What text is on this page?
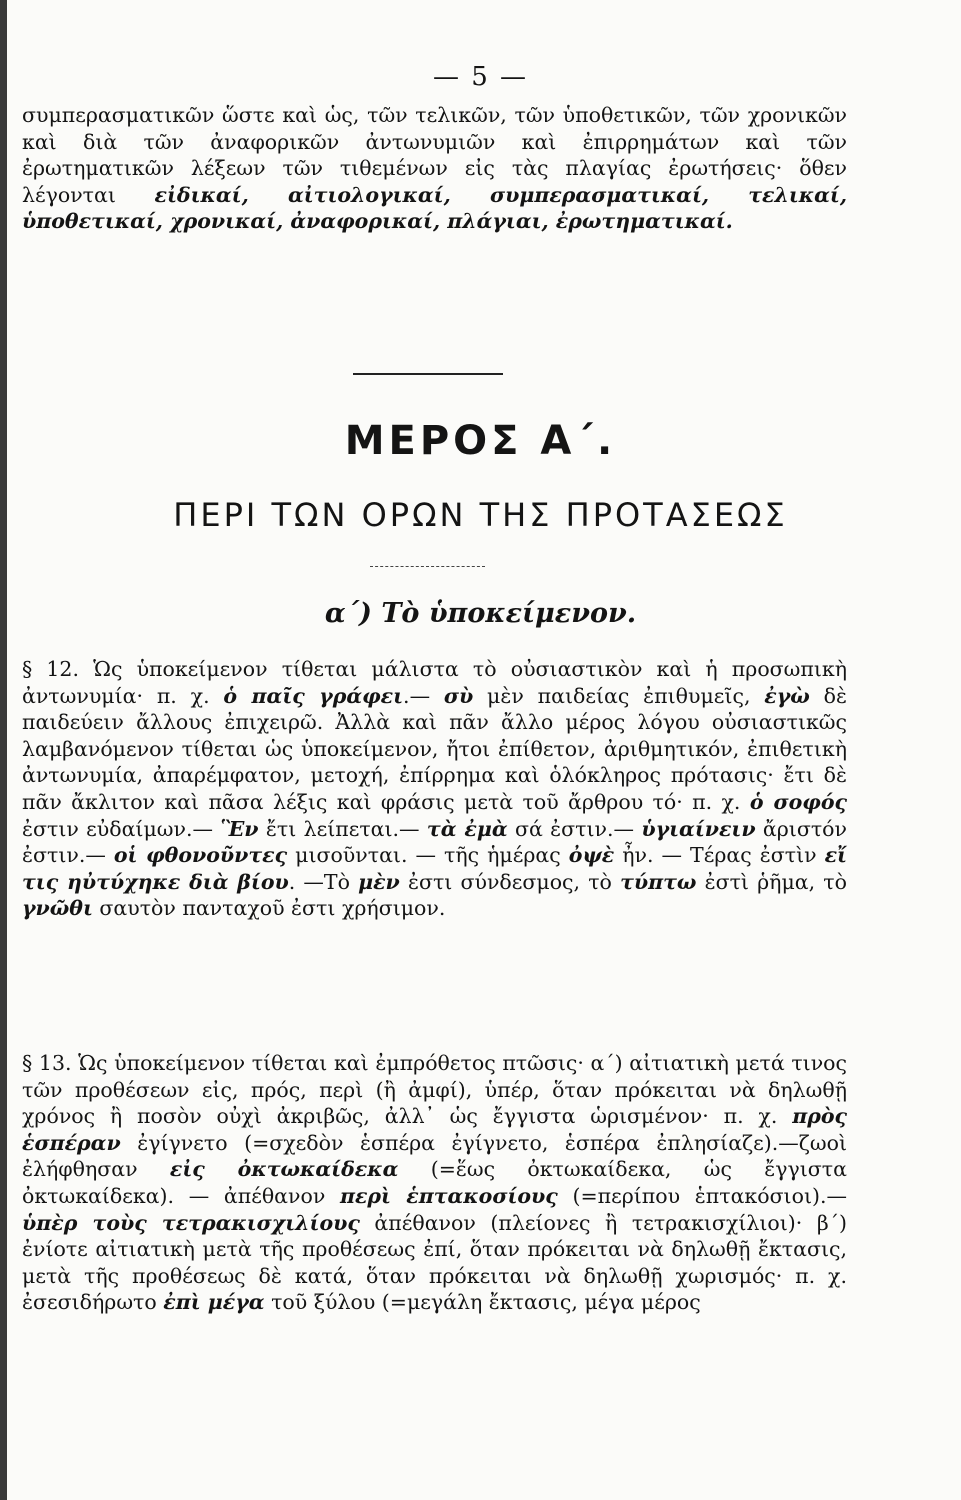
— 5 —

συμπερασματικῶν ὥστε καὶ ὡς, τῶν τελικῶν, τῶν ὑποθετικῶν, τῶν χρονικῶν καὶ διὰ τῶν ἀναφορικῶν ἀντωνυμιῶν καὶ ἐπιρρημάτων καὶ τῶν ἐρωτηματικῶν λέξεων τῶν τιθεμένων εἰς τὰς πλαγίας ἐρωτήσεις· ὅθεν λέγονται εἰδικαί, αἰτιολογικαί, συμπερασματικαί, τελικαί, ὑποθετικαί, χρονικαί, ἀναφορικαί, πλάγιαι, ἐρωτηματικαί.

ΜΕΡΟΣ Α΄.
ΠΕΡΙ ΤΩΝ ΟΡΩΝ ΤΗΣ ΠΡΟΤΑΣΕΩΣ
α΄) Τὸ ὑποκείμενον.

§ 12. Ὡς ὑποκείμενον τίθεται μάλιστα τὸ οὐσιαστικὸν καὶ ἡ προσωπικὴ ἀντωνυμία· π. χ. ὁ παῖς γράφει.— σὺ μὲν παιδείας ἐπιθυμεῖς, ἐγὼ δὲ παιδεύειν ἄλλους ἐπιχειρῶ. Ἀλλὰ καὶ πᾶν ἄλλο μέρος λόγου οὐσιαστικῶς λαμβανόμενον τίθεται ὡς ὑποκείμενον, ἤτοι ἐπίθετον, ἀριθμητικόν, ἐπιθετικὴ ἀντωνυμία, ἀπαρέμφατον, μετοχή, ἐπίρρημα καὶ ὁλόκληρος πρότασις· ἔτι δὲ πᾶν ἄκλιτον καὶ πᾶσα λέξις καὶ φράσις μετὰ τοῦ ἄρθρου τό· π. χ. ὁ σοφός ἐστιν εὐδαίμων.— Ἓν ἔτι λείπεται.— τὰ ἐμὰ σά ἐστιν.— ὑγιαίνειν ἄριστόν ἐστιν.— οἱ φθονοῦντες μισοῦνται. — τῆς ἡμέρας ὀψὲ ἦν. — Τέρας ἐστὶν εἴ τις ηὐτύχηκε διὰ βίου. —Τὸ μὲν ἐστι σύνδεσμος, τὸ τύπτω ἐστὶ ῥῆμα, τὸ γνῶθι σαυτὸν πανταχοῦ ἐστι χρήσιμον.

§ 13. Ὡς ὑποκείμενον τίθεται καὶ ἐμπρόθετος πτῶσις· α΄) αἰτιατικὴ μετά τινος τῶν προθέσεων εἰς, πρός, περὶ (ἢ ἀμφί), ὑπέρ, ὅταν πρόκειται νὰ δηλωθῇ χρόνος ἢ ποσὸν οὐχὶ ἀκριβῶς, ἀλλ᾽ ὡς ἔγγιστα ὡρισμένον· π. χ. πρὸς ἑσπέραν ἐγίγνετο (=σχεδὸν ἑσπέρα ἐγίγνετο, ἑσπέρα ἐπλησίαζε).—ζωοὶ ἐλήφθησαν εἰς ὀκτωκαίδεκα (=ἕως ὀκτωκαίδεκα, ὡς ἔγγιστα ὀκτωκαίδεκα). — ἀπέθανον περὶ ἑπτακοσίους (=περίπου ἑπτακόσιοι).—ὑπὲρ τοὺς τετρακισχιλίους ἀπέθανον (πλείονες ἢ τετρακισχίλιοι)· β΄) ἐνίοτε αἰτιατικὴ μετὰ τῆς προθέσεως ἐπί, ὅταν πρόκειται νὰ δηλωθῇ ἔκτασις, μετὰ τῆς προθέσεως δὲ κατά, ὅταν πρόκειται νὰ δηλωθῇ χωρισμός· π. χ. ἐσεσιδήρωτο ἐπὶ μέγα τοῦ ξύλου (=μεγάλη ἔκτασις, μέγα μέρος
